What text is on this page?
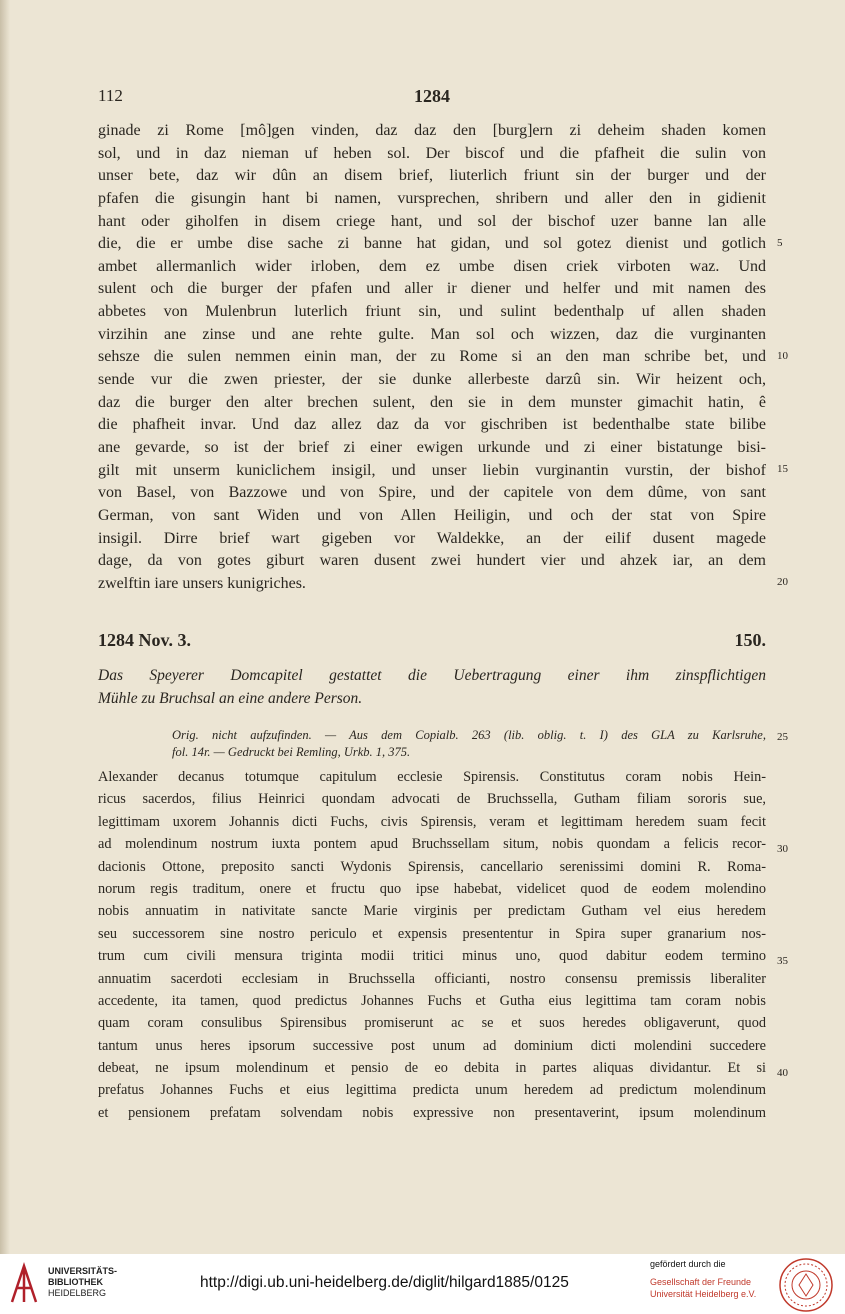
112	1284
ginade zi Rome [mô]gen vinden, daz daz den [burg]ern zi deheim shaden komen
sol, und in daz nieman uf heben sol. Der biscof und die pfafheit die sulin von
unser bete, daz wir dûn an disem brief, liuterlich friunt sin der burger und der
pfafen die gisungin hant bi namen, vursprechen, shribern und aller den in gidienit
hant oder giholfen in disem criege hant, und sol der bischof uzer banne lan alle
die, die er umbe dise sache zi banne hat gidan, und sol gotez dienist und gotlich
ambet allermanlich wider irloben, dem ez umbe disen criek virboten waz. Und
sulent och die burger der pfafen und aller ir diener und helfer und mit namen des
abbetes von Mulenbrun luterlich friunt sin, und sulint bedenthalp uf allen shaden
virzihin ane zinse und ane rehte gulte. Man sol och wizzen, daz die vurginanten
sehsze die sulen nemmen einin man, der zu Rome si an den man schribe bet, und
sende vur die zwen priester, der sie dunke allerbeste darzû sin. Wir heizent och,
daz die burger den alter brechen sulent, den sie in dem munster gimachit hatin, ê
die phafheit invar. Und daz allez daz da vor gischriben ist bedenthalbe state bilibe
ane gevarde, so ist der brief zi einer ewigen urkunde und zi einer bistatunge bisi-
gilt mit unserm kuniclichem insigil, und unser liebin vurginantin vurstin, der bishof
von Basel, von Bazzowe und von Spire, und der capitele von dem dûme, von sant
German, von sant Widen und von Allen Heiligin, und och der stat von Spire
insigil. Dirre brief wart gigeben vor Waldekke, an der eilif dusent magede
dage, da von gotes giburt waren dusent zwei hundert vier und ahzek iar, an dem
zwelftin iare unsers kunigriches.
1284 Nov. 3.	150.
Das Speyerer Domcapitel gestattet die Uebertragung einer ihm zinspflichtigen
Mühle zu Bruchsal an eine andere Person.
Orig. nicht aufzufinden. — Aus dem Copialb. 263 (lib. oblig. t. I) des GLA zu Karlsruhe,
fol. 14r. — Gedruckt bei Remling, Urkb. 1, 375.
Alexander decanus totumque capitulum ecclesie Spirensis. Constitutus coram nobis Hein-
ricus sacerdos, filius Heinrici quondam advocati de Bruchssella, Gutham filiam sororis sue,
legittimam uxorem Johannis dicti Fuchs, civis Spirensis, veram et legittimam heredem suam fecit
ad molendinum nostrum iuxta pontem apud Bruchssellam situm, nobis quondam a felicis recor-
dacionis Ottone, preposito sancti Wydonis Spirensis, cancellario serenissimi domini R. Roma-
norum regis traditum, onere et fructu quo ipse habebat, videlicet quod de eodem molendino
nobis annuatim in nativitate sancte Marie virginis per predictam Gutham vel eius heredem
seu successorem sine nostro periculo et expensis presententur in Spira super granarium nos-
trum cum civili mensura triginta modii tritici minus uno, quod dabitur eodem termino
annuatim sacerdoti ecclesiam in Bruchssella officianti, nostro consensu premissis liberaliter
accedente, ita tamen, quod predictus Johannes Fuchs et Gutha eius legittima tam coram nobis
quam coram consulibus Spirensibus promiserunt ac se et suos heredes obligaverunt, quod
tantum unus heres ipsorum successive post unum ad dominium dicti molendini succedere
debeat, ne ipsum molendinum et pensio de eo debita in partes aliquas dividantur. Et si
prefatus Johannes Fuchs et eius legittima predicta unum heredem ad predictum molendinum
et pensionem prefatam solvendam nobis expressive non presentaverint, ipsum molendinum
5
10
15
20
25
30
35
40
UNIVERSITÄTS-
BIBLIOTHEK
HEIDELBERG
http://digi.ub.uni-heidelberg.de/diglit/hilgard1885/0125
gefördert durch die
Gesellschaft der Freunde
Universität Heidelberg e.V.
